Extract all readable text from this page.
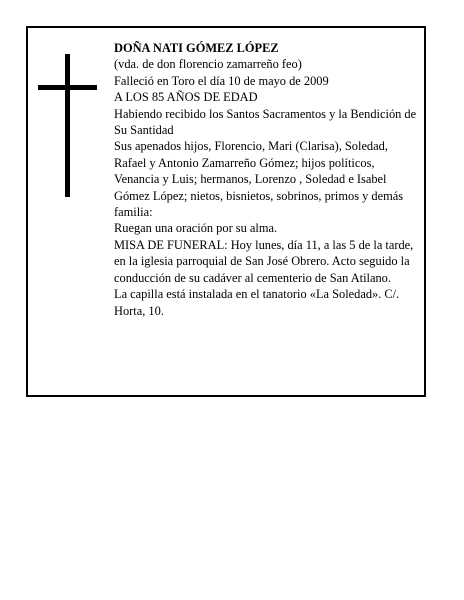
DOÑA NATI GÓMEZ LÓPEZ

(vda. de don florencio zamarreño feo)

Falleció en Toro el día 10 de mayo de 2009

A LOS 85 AÑOS DE EDAD

Habiendo recibido los Santos Sacramentos y la Bendición de Su Santidad

Sus apenados hijos, Florencio, Mari (Clarisa), Soledad, Rafael y Antonio Zamarreño Gómez; hijos políticos, Venancia y Luis; hermanos, Lorenzo , Soledad e Isabel Gómez López; nietos, bisnietos, sobrinos, primos y demás familia:

Ruegan una oración por su alma.

MISA DE FUNERAL: Hoy lunes, día 11, a las 5 de la tarde, en la iglesia parroquial de San José Obrero. Acto seguido la conducción de su cadáver al cementerio de San Atilano.

La capilla está instalada en el tanatorio «La Soledad». C/. Horta, 10.
